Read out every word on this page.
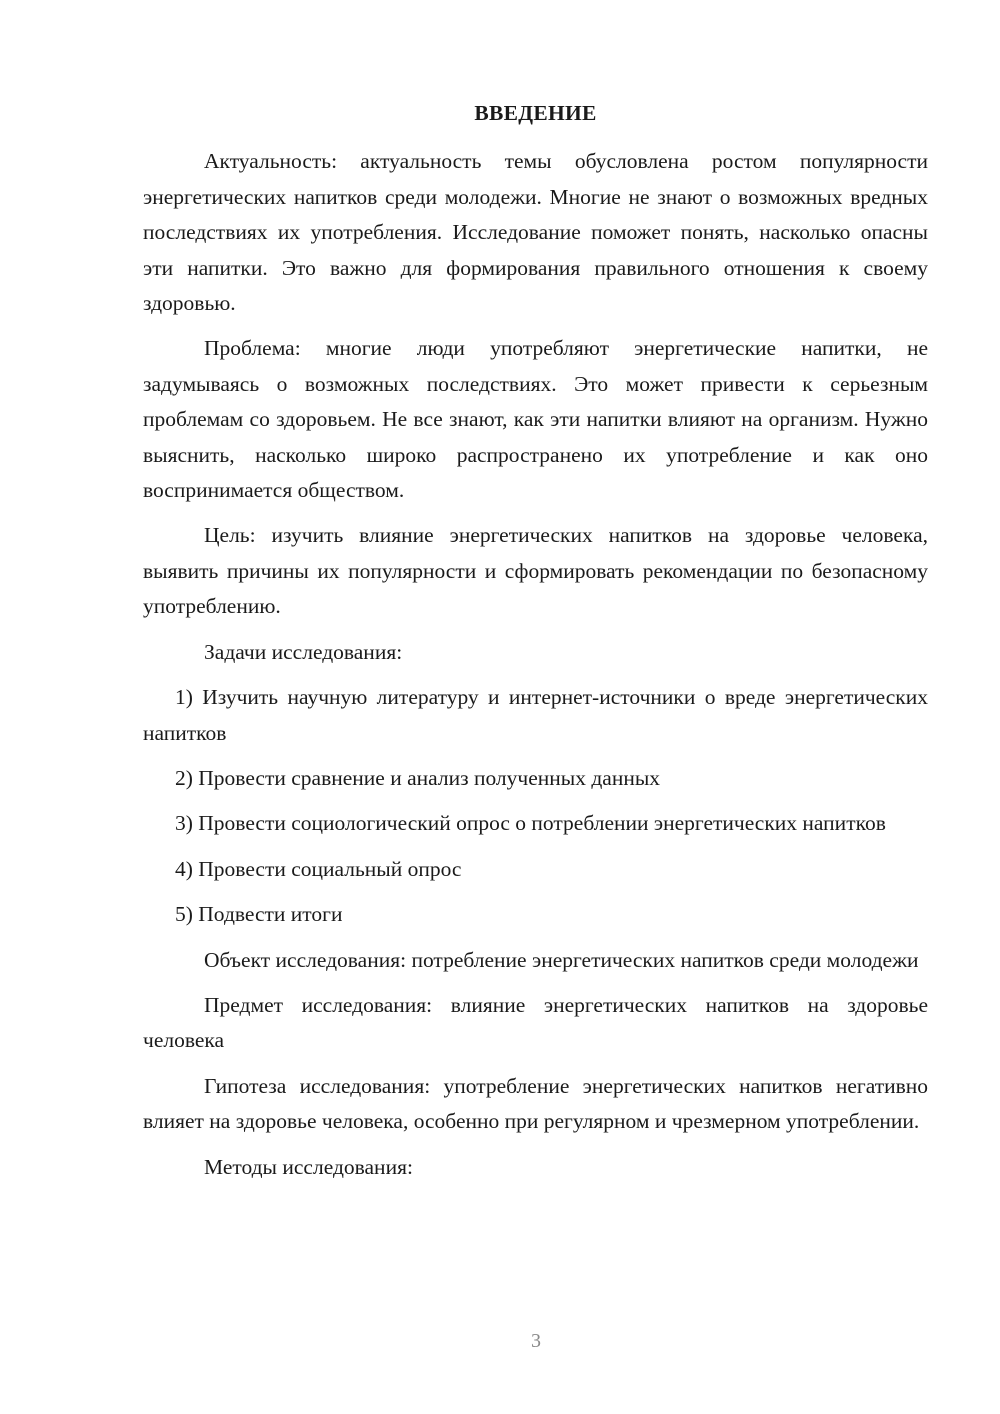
ВВЕДЕНИЕ

Актуальность: актуальность темы обусловлена ростом популярности энергетических напитков среди молодежи. Многие не знают о возможных вредных последствиях их употребления. Исследование поможет понять, насколько опасны эти напитки. Это важно для формирования правильного отношения к своему здоровью.

Проблема: многие люди употребляют энергетические напитки, не задумываясь о возможных последствиях. Это может привести к серьезным проблемам со здоровьем. Не все знают, как эти напитки влияют на организм. Нужно выяснить, насколько широко распространено их употребление и как оно воспринимается обществом.

Цель: изучить влияние энергетических напитков на здоровье человека, выявить причины их популярности и сформировать рекомендации по безопасному употреблению.

Задачи исследования:

1) Изучить научную литературу и интернет-источники о вреде энергетических напитков

2) Провести сравнение и анализ полученных данных

3) Провести социологический опрос о потреблении энергетических напитков

4) Провести социальный опрос

5) Подвести итоги

Объект исследования: потребление энергетических напитков среди молодежи

Предмет исследования: влияние энергетических напитков на здоровье человека

Гипотеза исследования: употребление энергетических напитков негативно влияет на здоровье человека, особенно при регулярном и чрезмерном употреблении.

Методы исследования:

3
